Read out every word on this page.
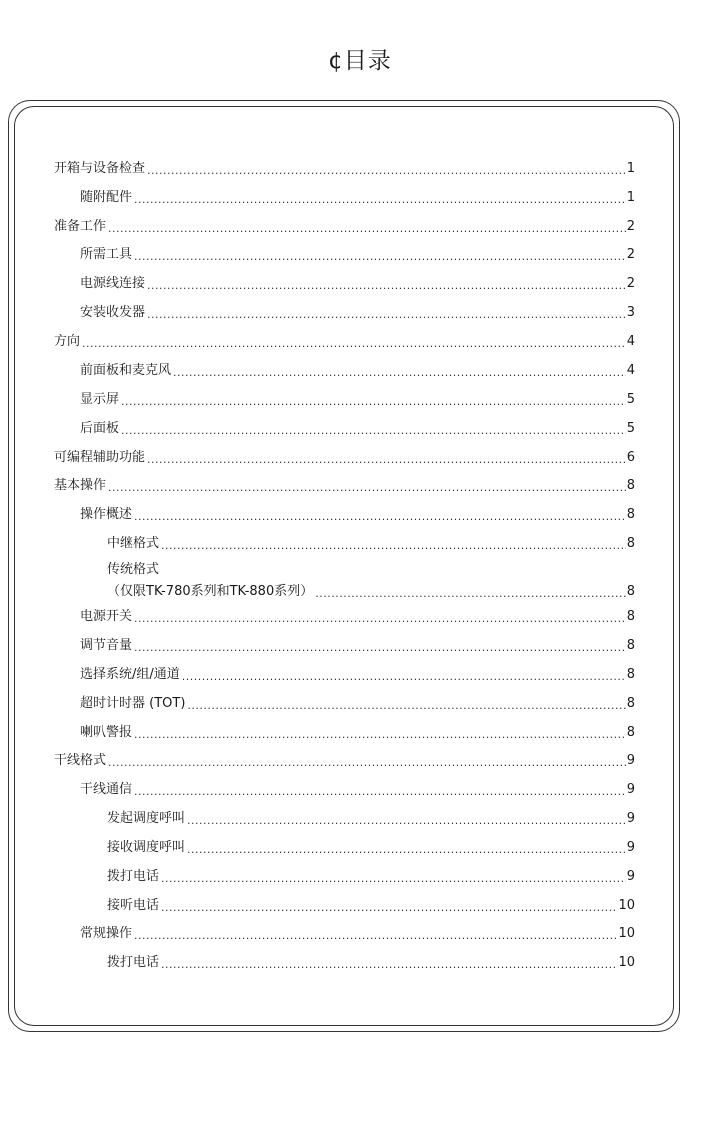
¢目录
开箱与设备检查 .....	1
随附配件 .....	1
准备工作 .....	2
所需工具 .....	2
电源线连接 .....	2
安装收发器 .....	3
方向 .....	4
前面板和麦克风 .....	4
显示屏 .....	5
后面板 .....	5
可编程辅助功能 .....	6
基本操作 .....	8
操作概述 .....	8
中继格式 .....	8
传统格式
（仅限TK-780系列和TK-880系列） .....	8
电源开关 .....	8
调节音量 .....	8
选择系统/组/通道 .....	8
超时计时器 (TOT) .....	8
喇叭警报 .....	8
干线格式 .....	9
干线通信 .....	9
发起调度呼叫 .....	9
接收调度呼叫 .....	9
拨打电话 .....	9
接听电话 .....	10
常规操作 .....	10
拨打电话 .....	10
